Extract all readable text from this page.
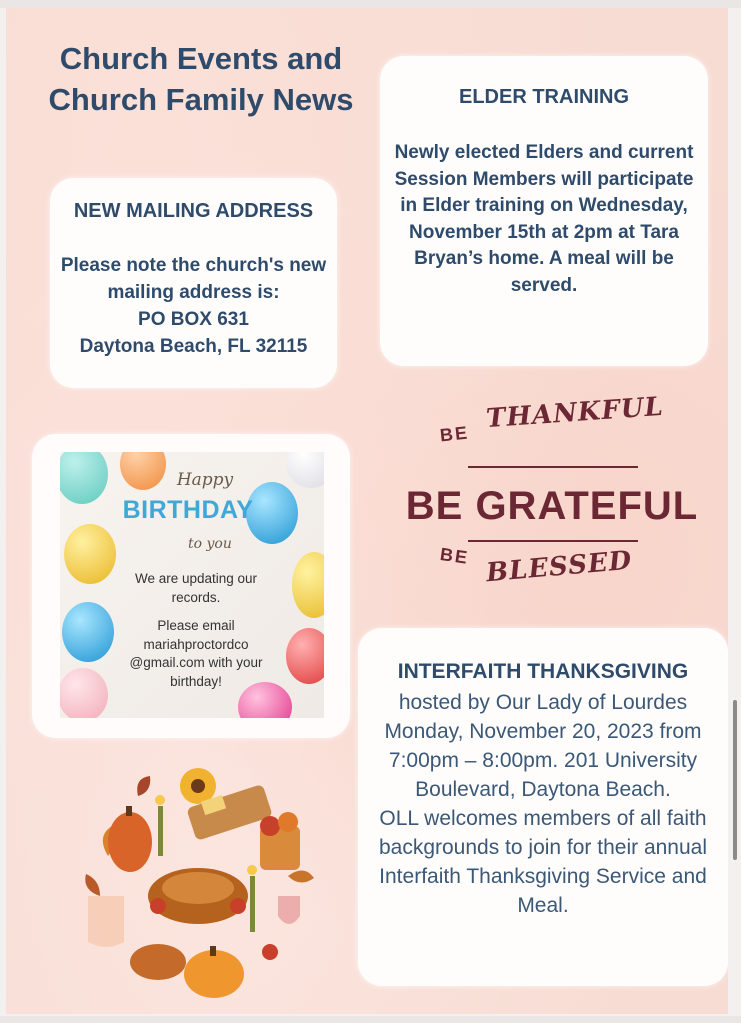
Church Events and Church Family News
NEW MAILING ADDRESS
Please note the church's new mailing address is:
PO BOX 631
Daytona Beach, FL 32115
ELDER TRAINING
Newly elected Elders and current Session Members will participate in Elder training on Wednesday, November 15th at 2pm at Tara Bryan’s home. A meal will be served.
Happy
BIRTHDAY
to you
We are updating our records.
Please email mariahproctordco @gmail.com with your birthday!
BE THANKFUL
BE GRATEFUL
BE BLESSED
INTERFAITH THANKSGIVING
hosted by Our Lady of Lourdes Monday, November 20, 2023 from 7:00pm – 8:00pm. 201 University Boulevard, Daytona Beach.
OLL welcomes members of all faith backgrounds to join for their annual Interfaith Thanksgiving Service and Meal.
